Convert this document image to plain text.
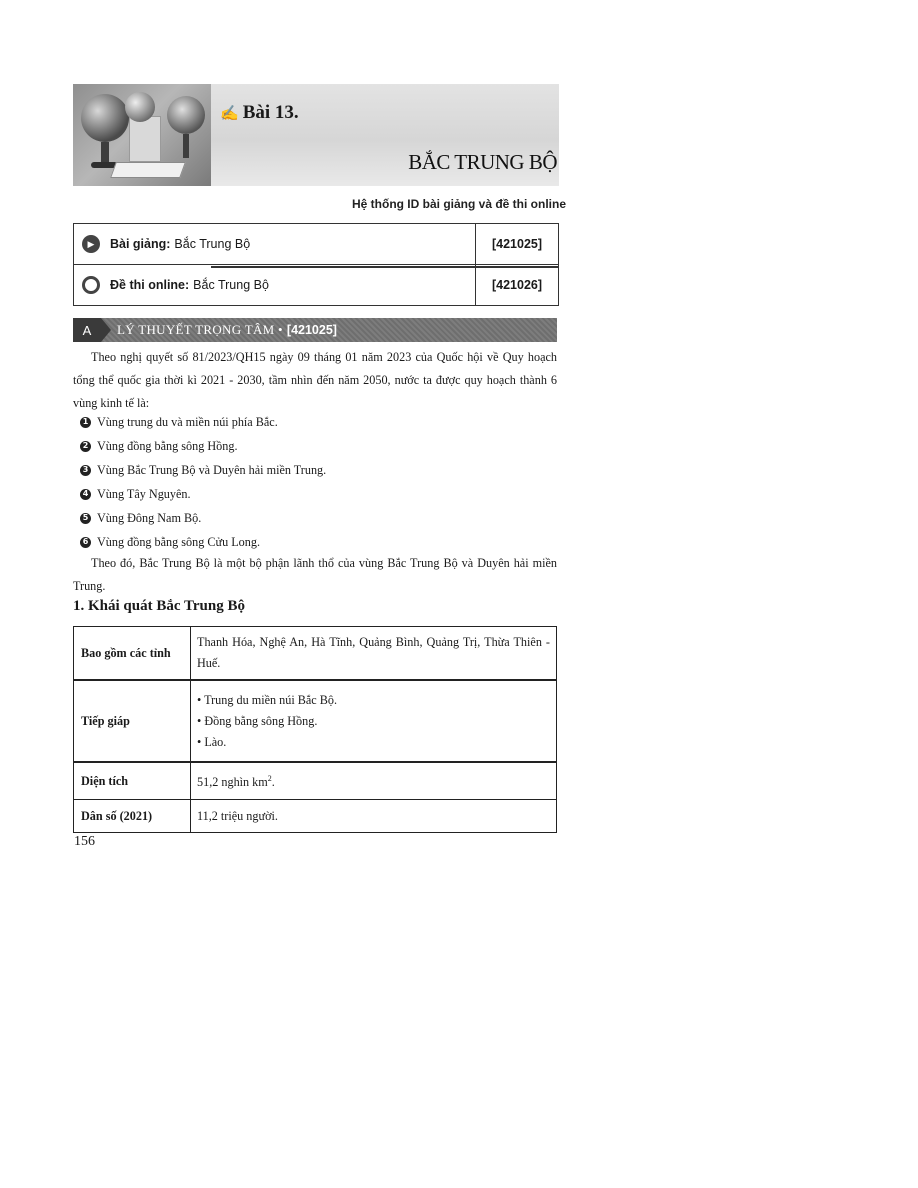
✍ Bài 13.
BẮC TRUNG BỘ
Hệ thống ID bài giảng và đề thi online
▶	Bài giảng: Bắc Trung Bộ	[421025]
Đề thi online: Bắc Trung Bộ	[421026]
A	LÝ THUYẾT TRỌNG TÂM • [421025]
Theo nghị quyết số 81/2023/QH15 ngày 09 tháng 01 năm 2023 của Quốc hội về Quy hoạch tổng thể quốc gia thời kì 2021 - 2030, tầm nhìn đến năm 2050, nước ta được quy hoạch thành 6 vùng kinh tế là:
1 Vùng trung du và miền núi phía Bắc.
2 Vùng đồng bằng sông Hồng.
3 Vùng Bắc Trung Bộ và Duyên hải miền Trung.
4 Vùng Tây Nguyên.
5 Vùng Đông Nam Bộ.
6 Vùng đồng bằng sông Cửu Long.
Theo đó, Bắc Trung Bộ là một bộ phận lãnh thổ của vùng Bắc Trung Bộ và Duyên hải miền Trung.
1. Khái quát Bắc Trung Bộ
Bao gồm các tỉnh	Thanh Hóa, Nghệ An, Hà Tĩnh, Quảng Bình, Quảng Trị, Thừa Thiên - Huế.
Tiếp giáp	• Trung du miền núi Bắc Bộ.
• Đồng bằng sông Hồng.
• Lào.

Diện tích	51,2 nghìn $km^2$.
Dân số (2021)	11,2 triệu người.
156
